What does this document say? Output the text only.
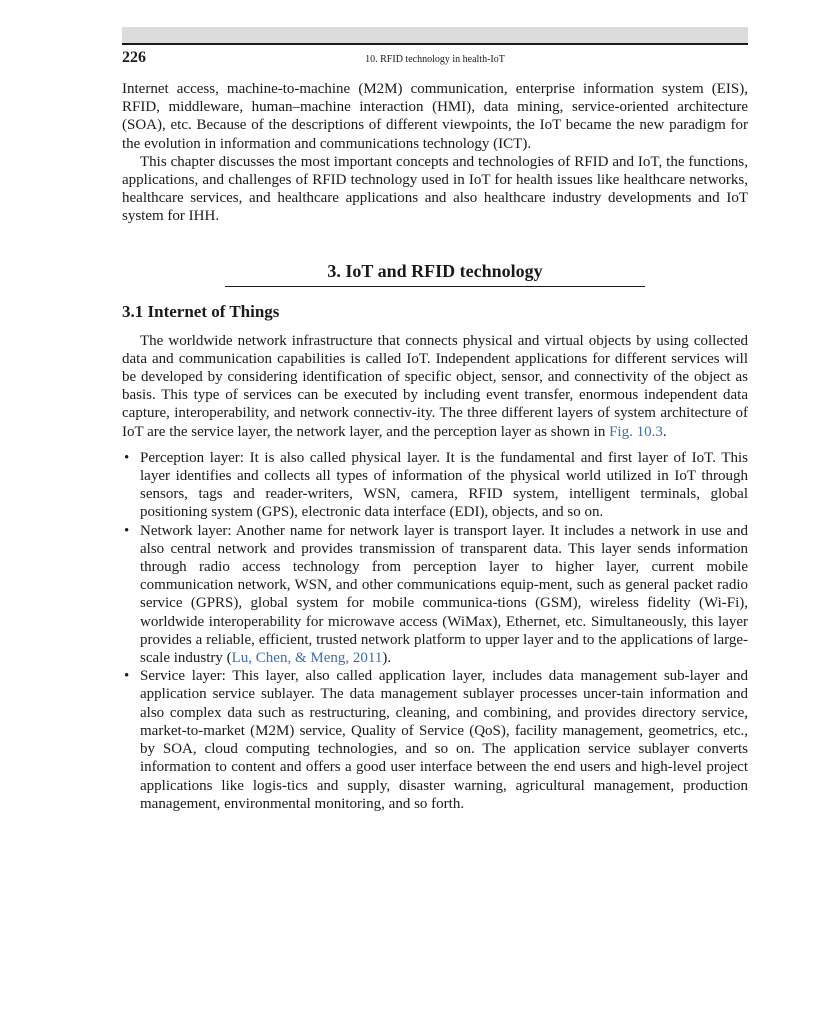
226	10. RFID technology in health-IoT

Internet access, machine-to-machine (M2M) communication, enterprise information system (EIS), RFID, middleware, human–machine interaction (HMI), data mining, service-oriented architecture (SOA), etc. Because of the descriptions of different viewpoints, the IoT became the new paradigm for the evolution in information and communications technology (ICT).

This chapter discusses the most important concepts and technologies of RFID and IoT, the functions, applications, and challenges of RFID technology used in IoT for health issues like healthcare networks, healthcare services, and healthcare applications and also healthcare industry developments and IoT system for IHH.

3. IoT and RFID technology
3.1 Internet of Things

The worldwide network infrastructure that connects physical and virtual objects by using collected data and communication capabilities is called IoT. Independent applications for different services will be developed by considering identification of specific object, sensor, and connectivity of the object as basis. This type of services can be executed by including event transfer, enormous independent data capture, interoperability, and network connectiv-ity. The three different layers of system architecture of IoT are the service layer, the network layer, and the perception layer as shown in Fig. 10.3.

• Perception layer: It is also called physical layer. It is the fundamental and first layer of IoT. This layer identifies and collects all types of information of the physical world utilized in IoT through sensors, tags and reader-writers, WSN, camera, RFID system, intelligent terminals, global positioning system (GPS), electronic data interface (EDI), objects, and so on.
• Network layer: Another name for network layer is transport layer. It includes a network in use and also central network and provides transmission of transparent data. This layer sends information through radio access technology from perception layer to higher layer, current mobile communication network, WSN, and other communications equip-ment, such as general packet radio service (GPRS), global system for mobile communica-tions (GSM), wireless fidelity (Wi-Fi), worldwide interoperability for microwave access (WiMax), Ethernet, etc. Simultaneously, this layer provides a reliable, efficient, trusted network platform to upper layer and to the applications of large-scale industry (Lu, Chen, & Meng, 2011).
• Service layer: This layer, also called application layer, includes data management sub-layer and application service sublayer. The data management sublayer processes uncer-tain information and also complex data such as restructuring, cleaning, and combining, and provides directory service, market-to-market (M2M) service, Quality of Service (QoS), facility management, geometrics, etc., by SOA, cloud computing technologies, and so on. The application service sublayer converts information to content and offers a good user interface between the end users and high-level project applications like logis-tics and supply, disaster warning, agricultural management, production management, environmental monitoring, and so forth.
